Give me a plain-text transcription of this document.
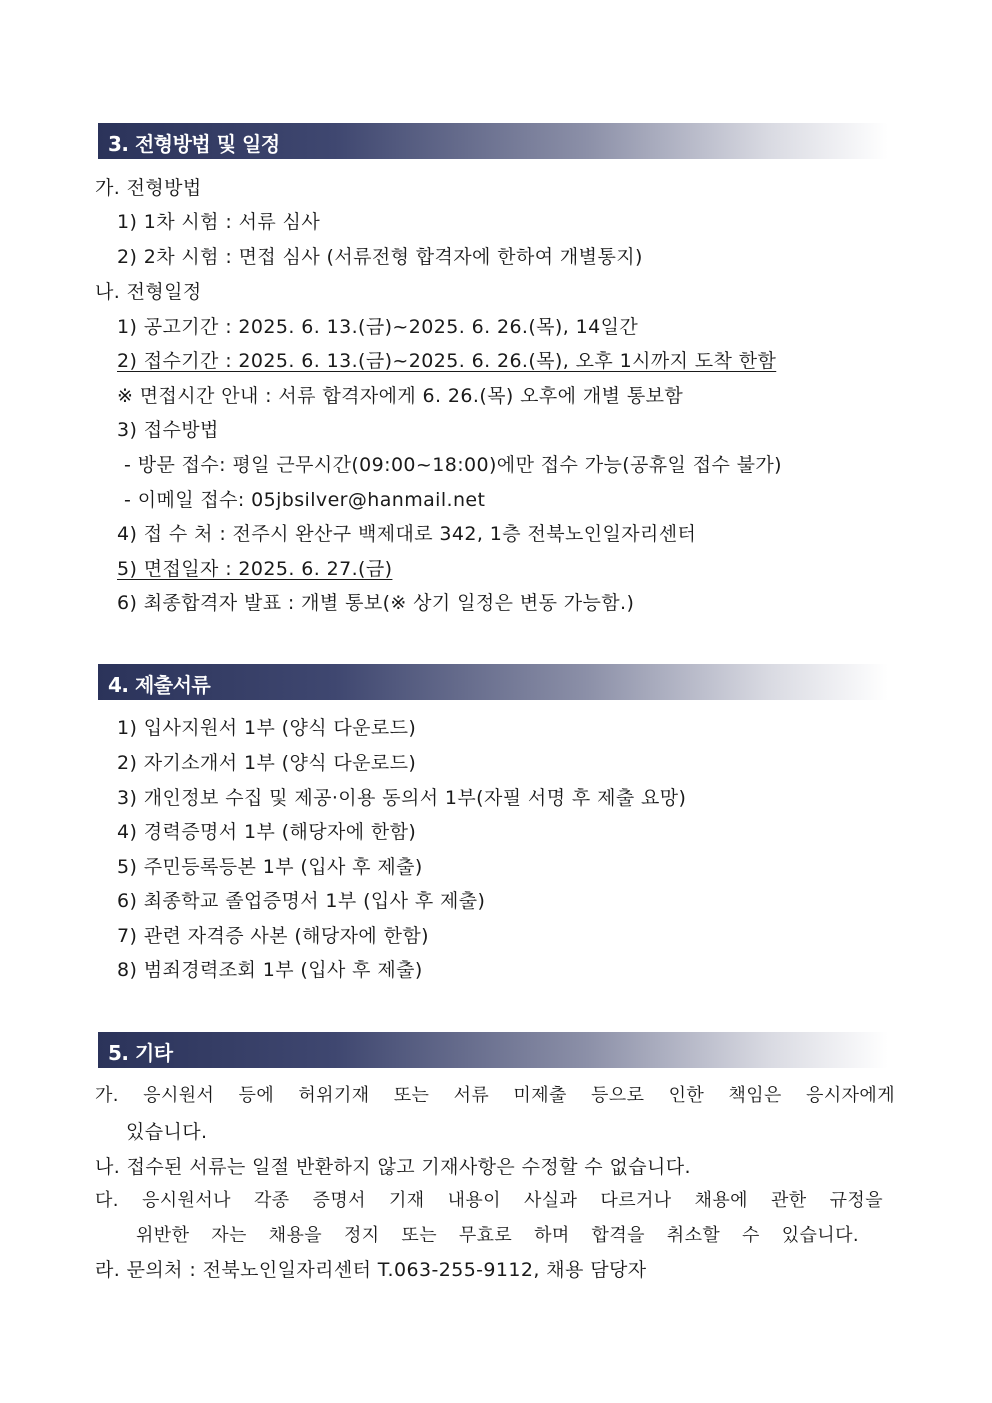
3. 전형방법 및 일정
가. 전형방법
1) 1차 시험 : 서류 심사
2) 2차 시험 : 면접 심사 (서류전형 합격자에 한하여 개별통지)
나. 전형일정
1) 공고기간 : 2025. 6. 13.(금)~2025. 6. 26.(목), 14일간
2) 접수기간 : 2025. 6. 13.(금)~2025. 6. 26.(목), 오후 1시까지 도착 한함
※ 면접시간 안내 : 서류 합격자에게 6. 26.(목) 오후에 개별 통보함
3) 접수방법
- 방문 접수: 평일 근무시간(09:00~18:00)에만 접수 가능(공휴일 접수 불가)
- 이메일 접수: 05jbsilver@hanmail.net
4) 접 수 처 : 전주시 완산구 백제대로 342, 1층 전북노인일자리센터
5) 면접일자 : 2025. 6. 27.(금)
6) 최종합격자 발표 : 개별 통보(※ 상기 일정은 변동 가능함.)
4. 제출서류
1) 입사지원서 1부 (양식 다운로드)
2) 자기소개서 1부 (양식 다운로드)
3) 개인정보 수집 및 제공·이용 동의서 1부(자필 서명 후 제출 요망)
4) 경력증명서 1부 (해당자에 한함)
5) 주민등록등본 1부 (입사 후 제출)
6) 최종학교 졸업증명서 1부 (입사 후 제출)
7) 관련 자격증 사본 (해당자에 한함)
8) 범죄경력조회 1부 (입사 후 제출)
5. 기타
가. 응시원서 등에 허위기재 또는 서류 미제출 등으로 인한 책임은 응시자에게
있습니다.
나. 접수된 서류는 일절 반환하지 않고 기재사항은 수정할 수 없습니다.
다. 응시원서나 각종 증명서 기재 내용이 사실과 다르거나 채용에 관한 규정을
위반한 자는 채용을 정지 또는 무효로 하며 합격을 취소할 수 있습니다.
라. 문의처 : 전북노인일자리센터 T.063-255-9112, 채용 담당자
